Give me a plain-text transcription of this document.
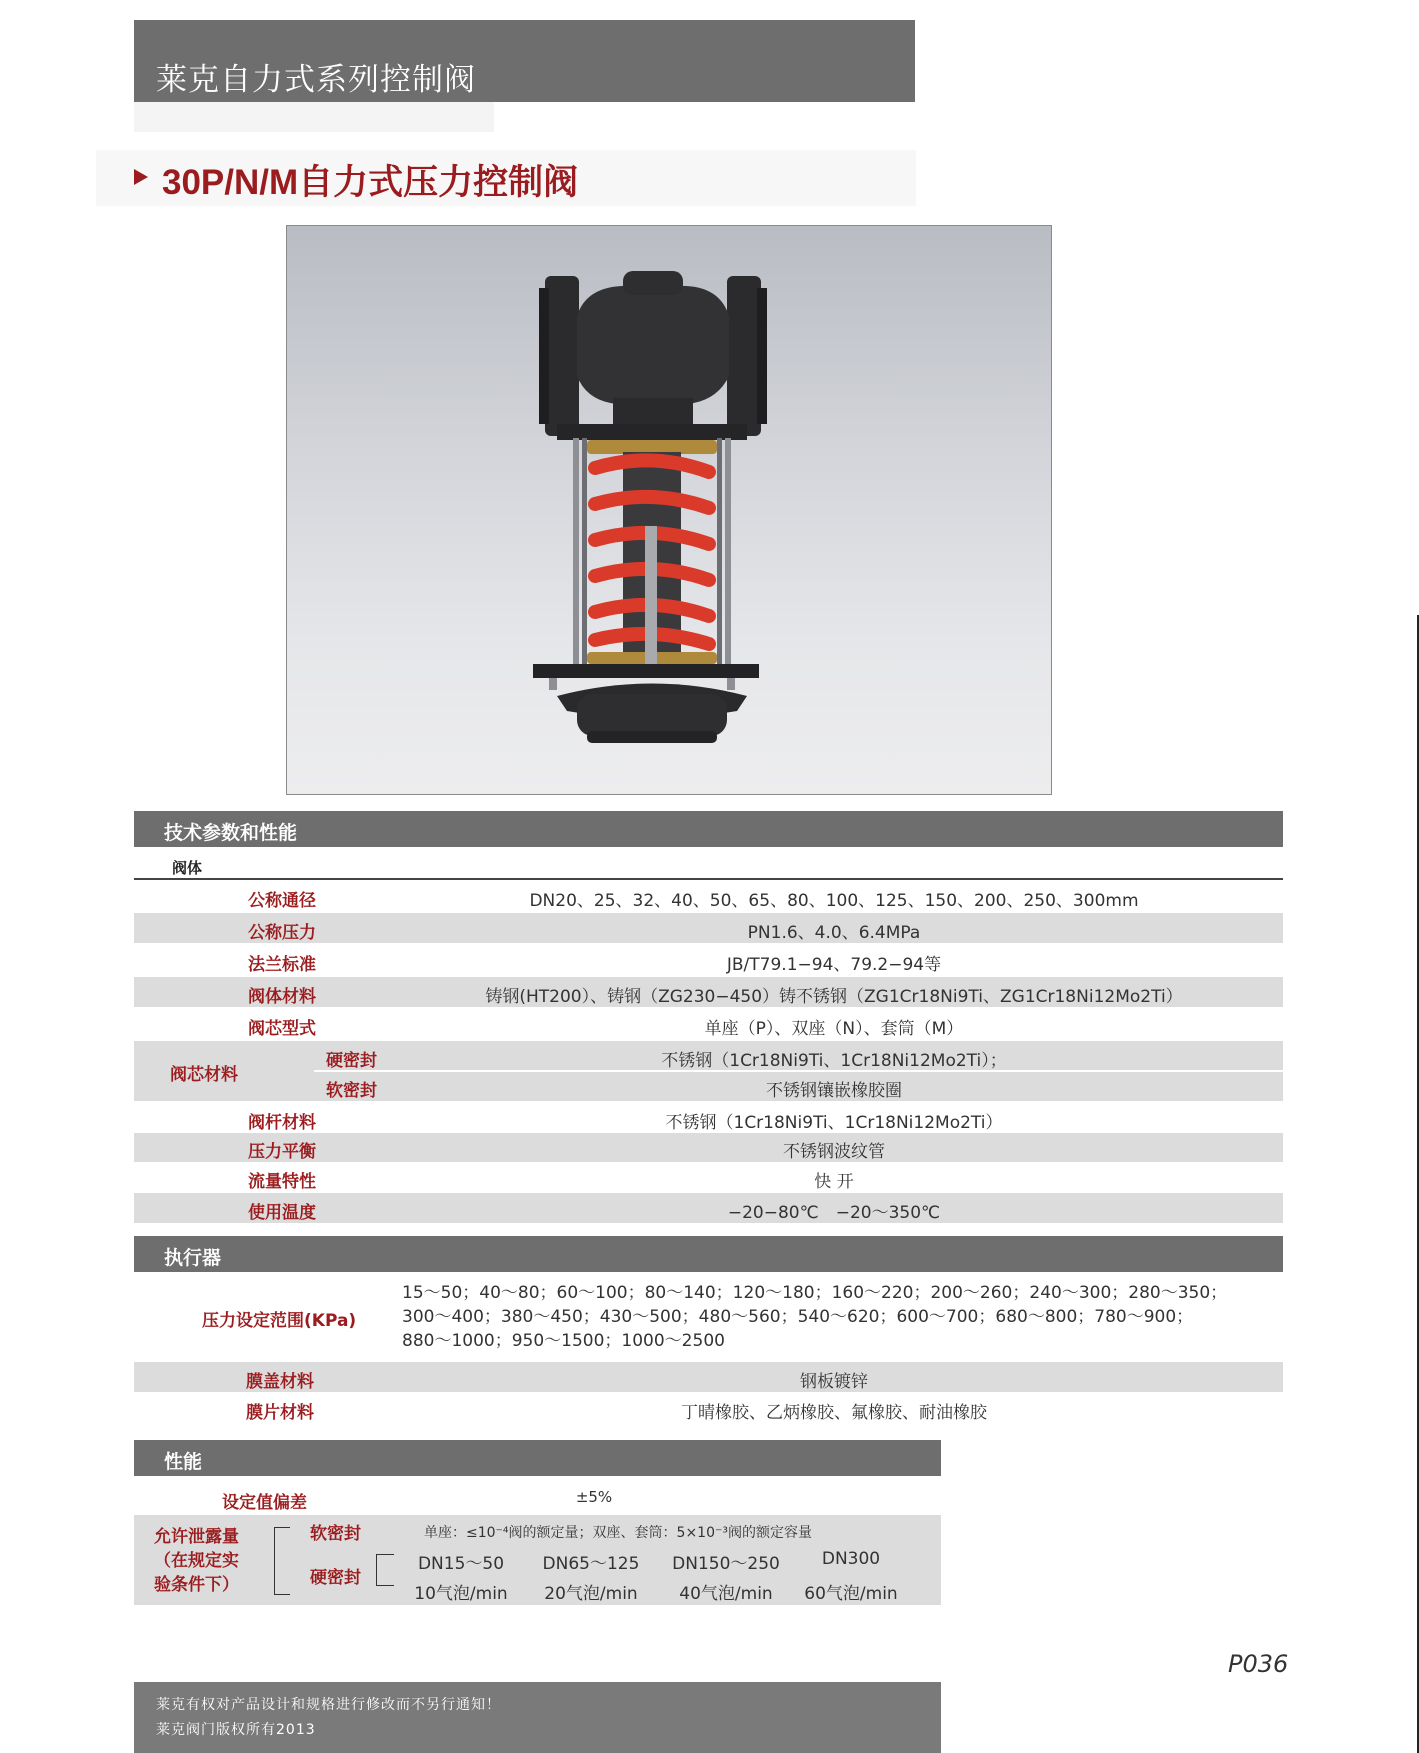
莱克自力式系列控制阀
30P/N/M自力式压力控制阀
技术参数和性能
阀体
公称通径	DN20、25、32、40、50、65、80、100、125、150、200、250、300mm
公称压力	PN1.6、4.0、6.4MPa
法兰标准	JB/T79.1−94、79.2−94等
阀体材料	铸钢(HT200）、铸钢（ZG230−450）铸不锈钢（ZG1Cr18Ni9Ti、ZG1Cr18Ni12Mo2Ti）
阀芯型式	单座（P）、双座（N）、套筒（M）
阀芯材料
硬密封	不锈钢（1Cr18Ni9Ti、1Cr18Ni12Mo2Ti）；
软密封	不锈钢镶嵌橡胶圈
阀杆材料	不锈钢（1Cr18Ni9Ti、1Cr18Ni12Mo2Ti）
压力平衡	不锈钢波纹管
流量特性	快 开
使用温度	−20−80℃　−20～350℃
执行器
压力设定范围(KPa)
15～50；40～80；60～100；80～140；120～180；160～220；200～260；240～300；280～350；
300～400；380～450；430～500；480～560；540～620；600～700；680～800；780～900；
880～1000；950～1500；1000～2500
膜盖材料	钢板镀锌
膜片材料	丁晴橡胶、乙炳橡胶、氟橡胶、耐油橡胶
性能
设定值偏差	±5%
允许泄露量
（在规定实
验条件下）
软密封	单座：≤10⁻⁴阀的额定量；双座、套筒：5×10⁻³阀的额定容量
硬密封
DN15～50	DN65～125	DN150～250	DN300
10气泡/min	20气泡/min	40气泡/min	60气泡/min
P036
莱克有权对产品设计和规格进行修改而不另行通知！
莱克阀门版权所有2013
